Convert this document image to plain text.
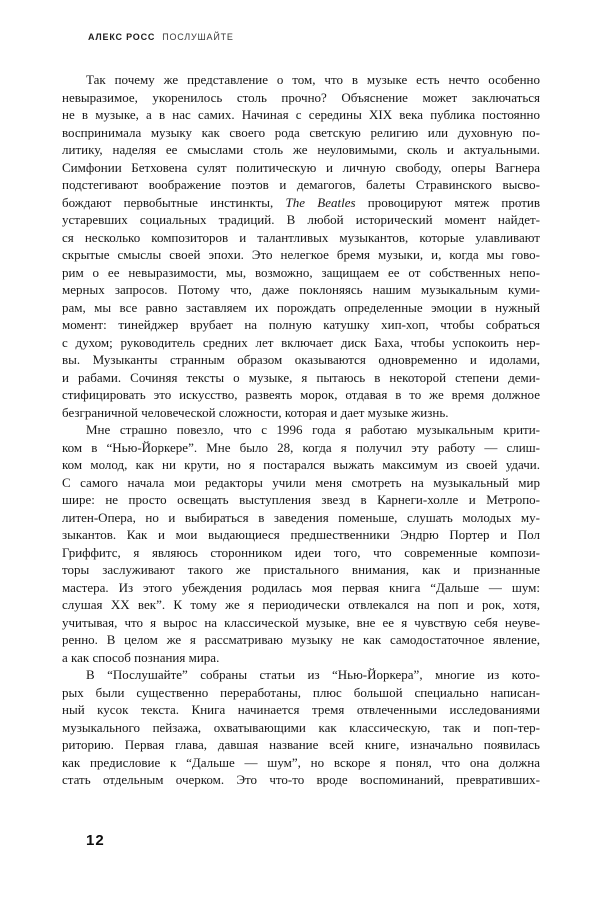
АЛЕКС РОСС ПОСЛУШАЙТЕ
Так почему же представление о том, что в музыке есть нечто особенно
невыразимое, укоренилось столь прочно? Объяснение может заключаться
не в музыке, а в нас самих. Начиная с середины XIX века публика постоянно
воспринимала музыку как своего рода светскую религию или духовную по-
литику, наделяя ее смыслами столь же неуловимыми, сколь и актуальными.
Симфонии Бетховена сулят политическую и личную свободу, оперы Вагнера
подстегивают воображение поэтов и демагогов, балеты Стравинского высво-
бождают первобытные инстинкты, The Beatles провоцируют мятеж против
устаревших социальных традиций. В любой исторический момент найдет-
ся несколько композиторов и талантливых музыкантов, которые улавливают
скрытые смыслы своей эпохи. Это нелегкое бремя музыки, и, когда мы гово-
рим о ее невыразимости, мы, возможно, защищаем ее от собственных непо-
мерных запросов. Потому что, даже поклоняясь нашим музыкальным куми-
рам, мы все равно заставляем их порождать определенные эмоции в нужный
момент: тинейджер врубает на полную катушку хип-хоп, чтобы собраться
с духом; руководитель средних лет включает диск Баха, чтобы успокоить нер-
вы. Музыканты странным образом оказываются одновременно и идолами,
и рабами. Сочиняя тексты о музыке, я пытаюсь в некоторой степени деми-
стифицировать это искусство, развеять морок, отдавая в то же время должное
безграничной человеческой сложности, которая и дает музыке жизнь.
Мне страшно повезло, что с 1996 года я работаю музыкальным крити-
ком в “Нью-Йоркере”. Мне было 28, когда я получил эту работу — слиш-
ком молод, как ни крути, но я постарался выжать максимум из своей удачи.
С самого начала мои редакторы учили меня смотреть на музыкальный мир
шире: не просто освещать выступления звезд в Карнеги-холле и Метропо-
литен-Опера, но и выбираться в заведения поменьше, слушать молодых му-
зыкантов. Как и мои выдающиеся предшественники Эндрю Портер и Пол
Гриффитс, я являюсь сторонником идеи того, что современные компози-
торы заслуживают такого же пристального внимания, как и признанные
мастера. Из этого убеждения родилась моя первая книга “Дальше — шум:
слушая XX век”. К тому же я периодически отвлекался на поп и рок, хотя,
учитывая, что я вырос на классической музыке, вне ее я чувствую себя неуве-
ренно. В целом же я рассматриваю музыку не как самодостаточное явление,
а как способ познания мира.
В “Послушайте” собраны статьи из “Нью-Йоркера”, многие из кото-
рых были существенно переработаны, плюс большой специально написан-
ный кусок текста. Книга начинается тремя отвлеченными исследованиями
музыкального пейзажа, охватывающими как классическую, так и поп-тер-
риторию. Первая глава, давшая название всей книге, изначально появилась
как предисловие к “Дальше — шум”, но вскоре я понял, что она должна
стать отдельным очерком. Это что-то вроде воспоминаний, превративших-
12
